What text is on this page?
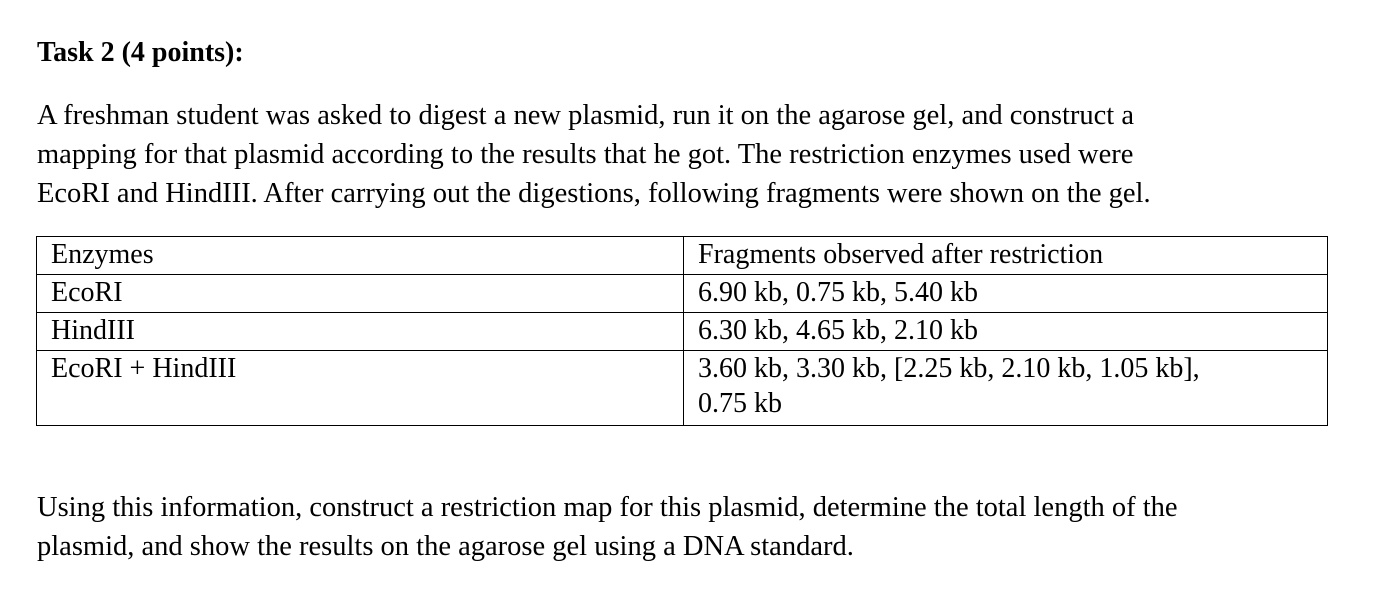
Task 2 (4 points):
A freshman student was asked to digest a new plasmid, run it on the agarose gel, and construct a
mapping for that plasmid according to the results that he got. The restriction enzymes used were
EcoRI and HindIII. After carrying out the digestions, following fragments were shown on the gel.
Enzymes	Fragments observed after restriction
EcoRI	6.90 kb, 0.75 kb, 5.40 kb

HindIII	6.30 kb, 4.65 kb, 2.10 kb

EcoRI + HindIII	3.60 kb, 3.30 kb, [2.25 kb, 2.10 kb, 1.05 kb],
0.75 kb
Using this information, construct a restriction map for this plasmid, determine the total length of the
plasmid, and show the results on the agarose gel using a DNA standard.
